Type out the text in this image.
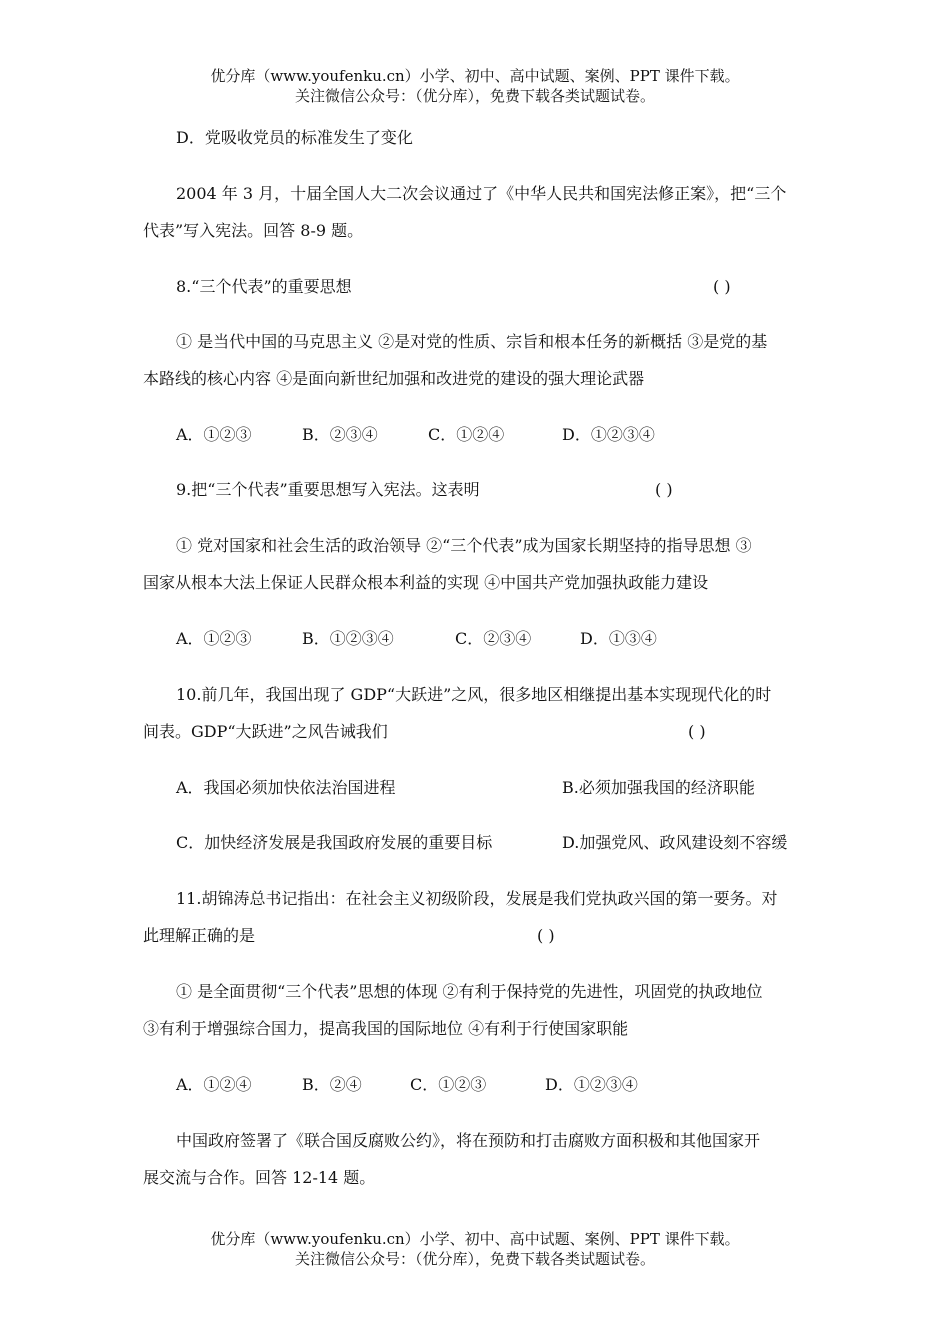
优分库（www.youfenku.cn）小学、初中、高中试题、案例、PPT 课件下载。
关注微信公众号：（优分库），免费下载各类试题试卷。
D．党吸收党员的标准发生了变化
2004 年 3 月，十届全国人大二次会议通过了《中华人民共和国宪法修正案》，把“三个
代表”写入宪法。回答 8-9 题。
8.“三个代表”的重要思想	( )
① 是当代中国的马克思主义 ②是对党的性质、宗旨和根本任务的新概括 ③是党的基
本路线的核心内容 ④是面向新世纪加强和改进党的建设的强大理论武器
A．①②③	B．②③④	C．①②④	D．①②③④
9.把“三个代表”重要思想写入宪法。这表明	( )
① 党对国家和社会生活的政治领导 ②“三个代表”成为国家长期坚持的指导思想 ③
国家从根本大法上保证人民群众根本利益的实现 ④中国共产党加强执政能力建设
A．①②③	B．①②③④	C．②③④	D．①③④
10.前几年，我国出现了 GDP“大跃进”之风，很多地区相继提出基本实现现代化的时
间表。GDP“大跃进”之风告诫我们	( )
A．我国必须加快依法治国进程	B.必须加强我国的经济职能
C．加快经济发展是我国政府发展的重要目标	D.加强党风、政风建设刻不容缓
11.胡锦涛总书记指出：在社会主义初级阶段，发展是我们党执政兴国的第一要务。对
此理解正确的是	( )
① 是全面贯彻“三个代表”思想的体现 ②有利于保持党的先进性，巩固党的执政地位
③有利于增强综合国力，提高我国的国际地位 ④有利于行使国家职能
A．①②④	B．②④	C．①②③	D．①②③④
中国政府签署了《联合国反腐败公约》，将在预防和打击腐败方面积极和其他国家开
展交流与合作。回答 12-14 题。
优分库（www.youfenku.cn）小学、初中、高中试题、案例、PPT 课件下载。
关注微信公众号：（优分库），免费下载各类试题试卷。
